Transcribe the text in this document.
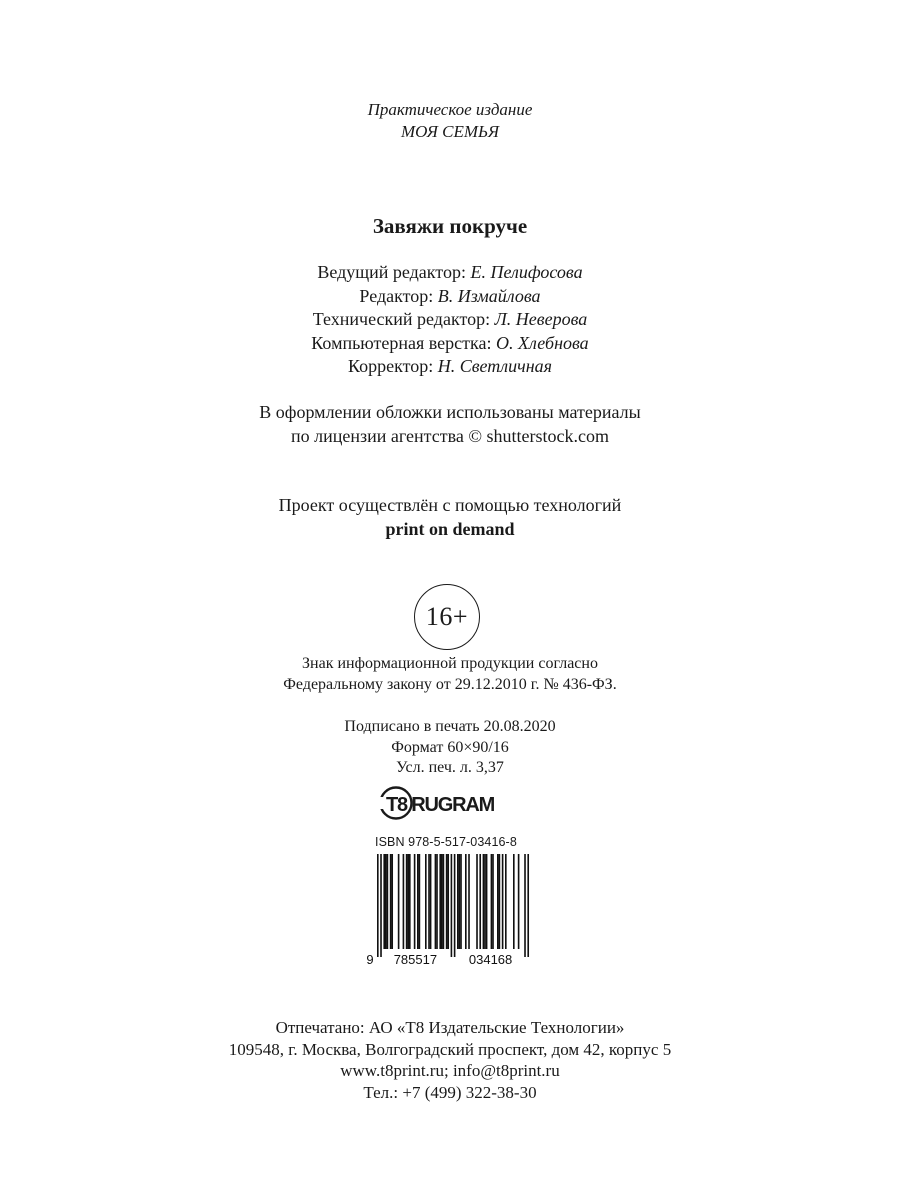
Практическое издание
МОЯ СЕМЬЯ
Завяжи покруче
Ведущий редактор: Е. Пелифосова
Редактор: В. Измайлова
Технический редактор: Л. Неверова
Компьютерная верстка: О. Хлебнова
Корректор: Н. Светличная
В оформлении обложки использованы материалы
по лицензии агентства © shutterstock.com
Проект осуществлён с помощью технологий
print on demand
16+
Знак информационной продукции согласно
Федеральному закону от 29.12.2010 г. № 436-ФЗ.
Подписано в печать 20.08.2020
Формат 60×90/16
Усл. печ. л. 3,37
T8 RUGRAM
ISBN 978-5-517-03416-8
9 785517 034168
Отпечатано: АО «Т8 Издательские Технологии»
109548, г. Москва, Волгоградский проспект, дом 42, корпус 5
www.t8print.ru; info@t8print.ru
Тел.: +7 (499) 322-38-30
